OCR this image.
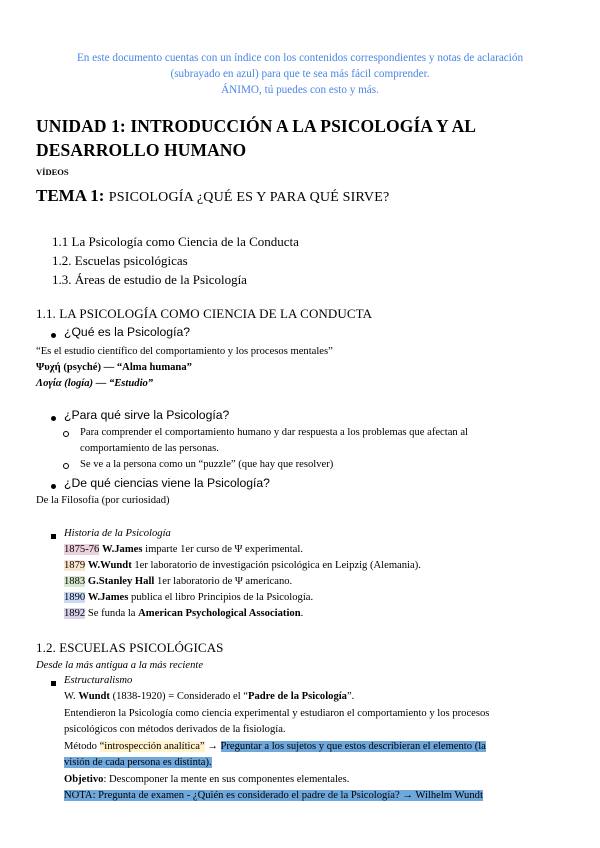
En este documento cuentas con un índice con los contenidos correspondientes y notas de aclaración
(subrayado en azul) para que te sea más fácil comprender.
ÁNIMO, tú puedes con esto y más.
UNIDAD 1: INTRODUCCIÓN A LA PSICOLOGÍA Y AL
DESARROLLO HUMANO
VÍDEOS
TEMA 1: PSICOLOGÍA ¿QUÉ ES Y PARA QUÉ SIRVE?
1.1 La Psicología como Ciencia de la Conducta
1.2. Escuelas psicológicas
1.3. Áreas de estudio de la Psicología
1.1. LA PSICOLOGÍA COMO CIENCIA DE LA CONDUCTA
¿Qué es la Psicología?
“Es el estudio científico del comportamiento y los procesos mentales”
Ψυχή (psyché) — “Alma humana”
Λογία (logía) — “Estudio”
¿Para qué sirve la Psicología?
Para comprender el comportamiento humano y dar respuesta a los problemas que afectan al
comportamiento de las personas.
Se ve a la persona como un “puzzle” (que hay que resolver)
¿De qué ciencias viene la Psicología?
De la Filosofía (por curiosidad)
Historia de la Psicología
1875-76 W.James imparte 1er curso de Ψ experimental.
1879 W.Wundt 1er laboratorio de investigación psicológica en Leipzig (Alemania).
1883 G.Stanley Hall 1er laboratorio de Ψ americano.
1890 W.James publica el libro Principios de la Psicología.
1892 Se funda la American Psychological Association.
1.2. ESCUELAS PSICOLÓGICAS
Desde la más antigua a la más reciente
Estructuralismo
W. Wundt (1838-1920) = Considerado el “Padre de la Psicología”.
Entendieron la Psicología como ciencia experimental y estudiaron el comportamiento y los procesos
psicológicos con métodos derivados de la fisiología.
Método “introspección analítica” → Preguntar a los sujetos y que estos describieran el elemento (la
visión de cada persona es distinta).
Objetivo: Descomponer la mente en sus componentes elementales.
NOTA: Pregunta de examen - ¿Quién es considerado el padre de la Psicología? → Wilhelm Wundt
